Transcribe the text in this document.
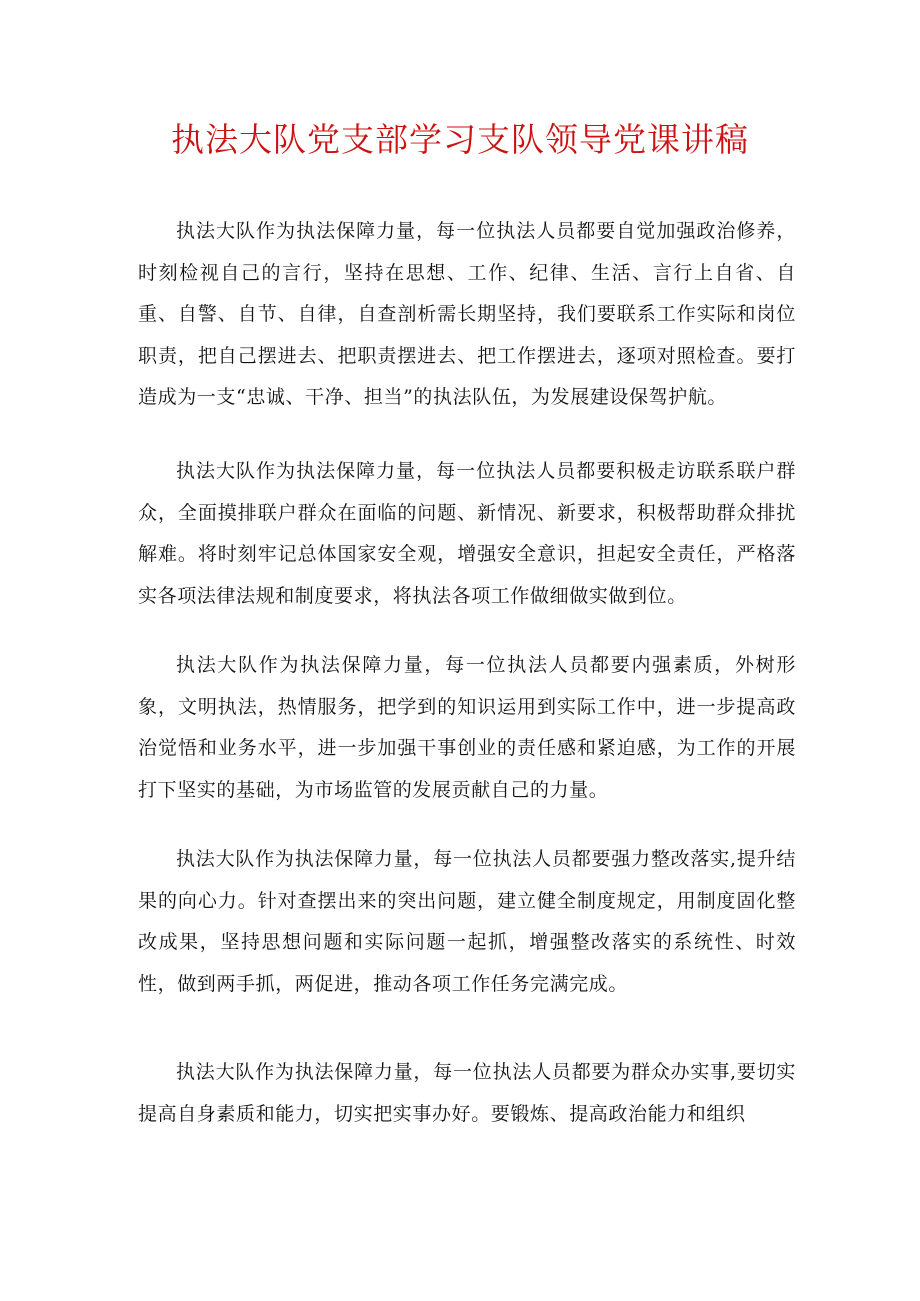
执法大队党支部学习支队领导党课讲稿

执法大队作为执法保障力量，每一位执法人员都要自觉加强政治修养，时刻检视自己的言行，坚持在思想、工作、纪律、生活、言行上自省、自重、自警、自节、自律，自查剖析需长期坚持，我们要联系工作实际和岗位职责，把自己摆进去、把职责摆进去、把工作摆进去，逐项对照检查。要打造成为一支“忠诚、干净、担当”的执法队伍，为发展建设保驾护航。

执法大队作为执法保障力量，每一位执法人员都要积极走访联系联户群众，全面摸排联户群众在面临的问题、新情况、新要求，积极帮助群众排扰解难。将时刻牢记总体国家安全观，增强安全意识，担起安全责任，严格落实各项法律法规和制度要求，将执法各项工作做细做实做到位。

执法大队作为执法保障力量，每一位执法人员都要内强素质，外树形象，文明执法，热情服务，把学到的知识运用到实际工作中，进一步提高政治觉悟和业务水平，进一步加强干事创业的责任感和紧迫感，为工作的开展打下坚实的基础，为市场监管的发展贡献自己的力量。

执法大队作为执法保障力量，每一位执法人员都要强力整改落实,提升结果的向心力。针对查摆出来的突出问题，建立健全制度规定，用制度固化整改成果，坚持思想问题和实际问题一起抓，增强整改落实的系统性、时效性，做到两手抓，两促进，推动各项工作任务完满完成。

执法大队作为执法保障力量，每一位执法人员都要为群众办实事,要切实提高自身素质和能力，切实把实事办好。要锻炼、提高政治能力和组织
